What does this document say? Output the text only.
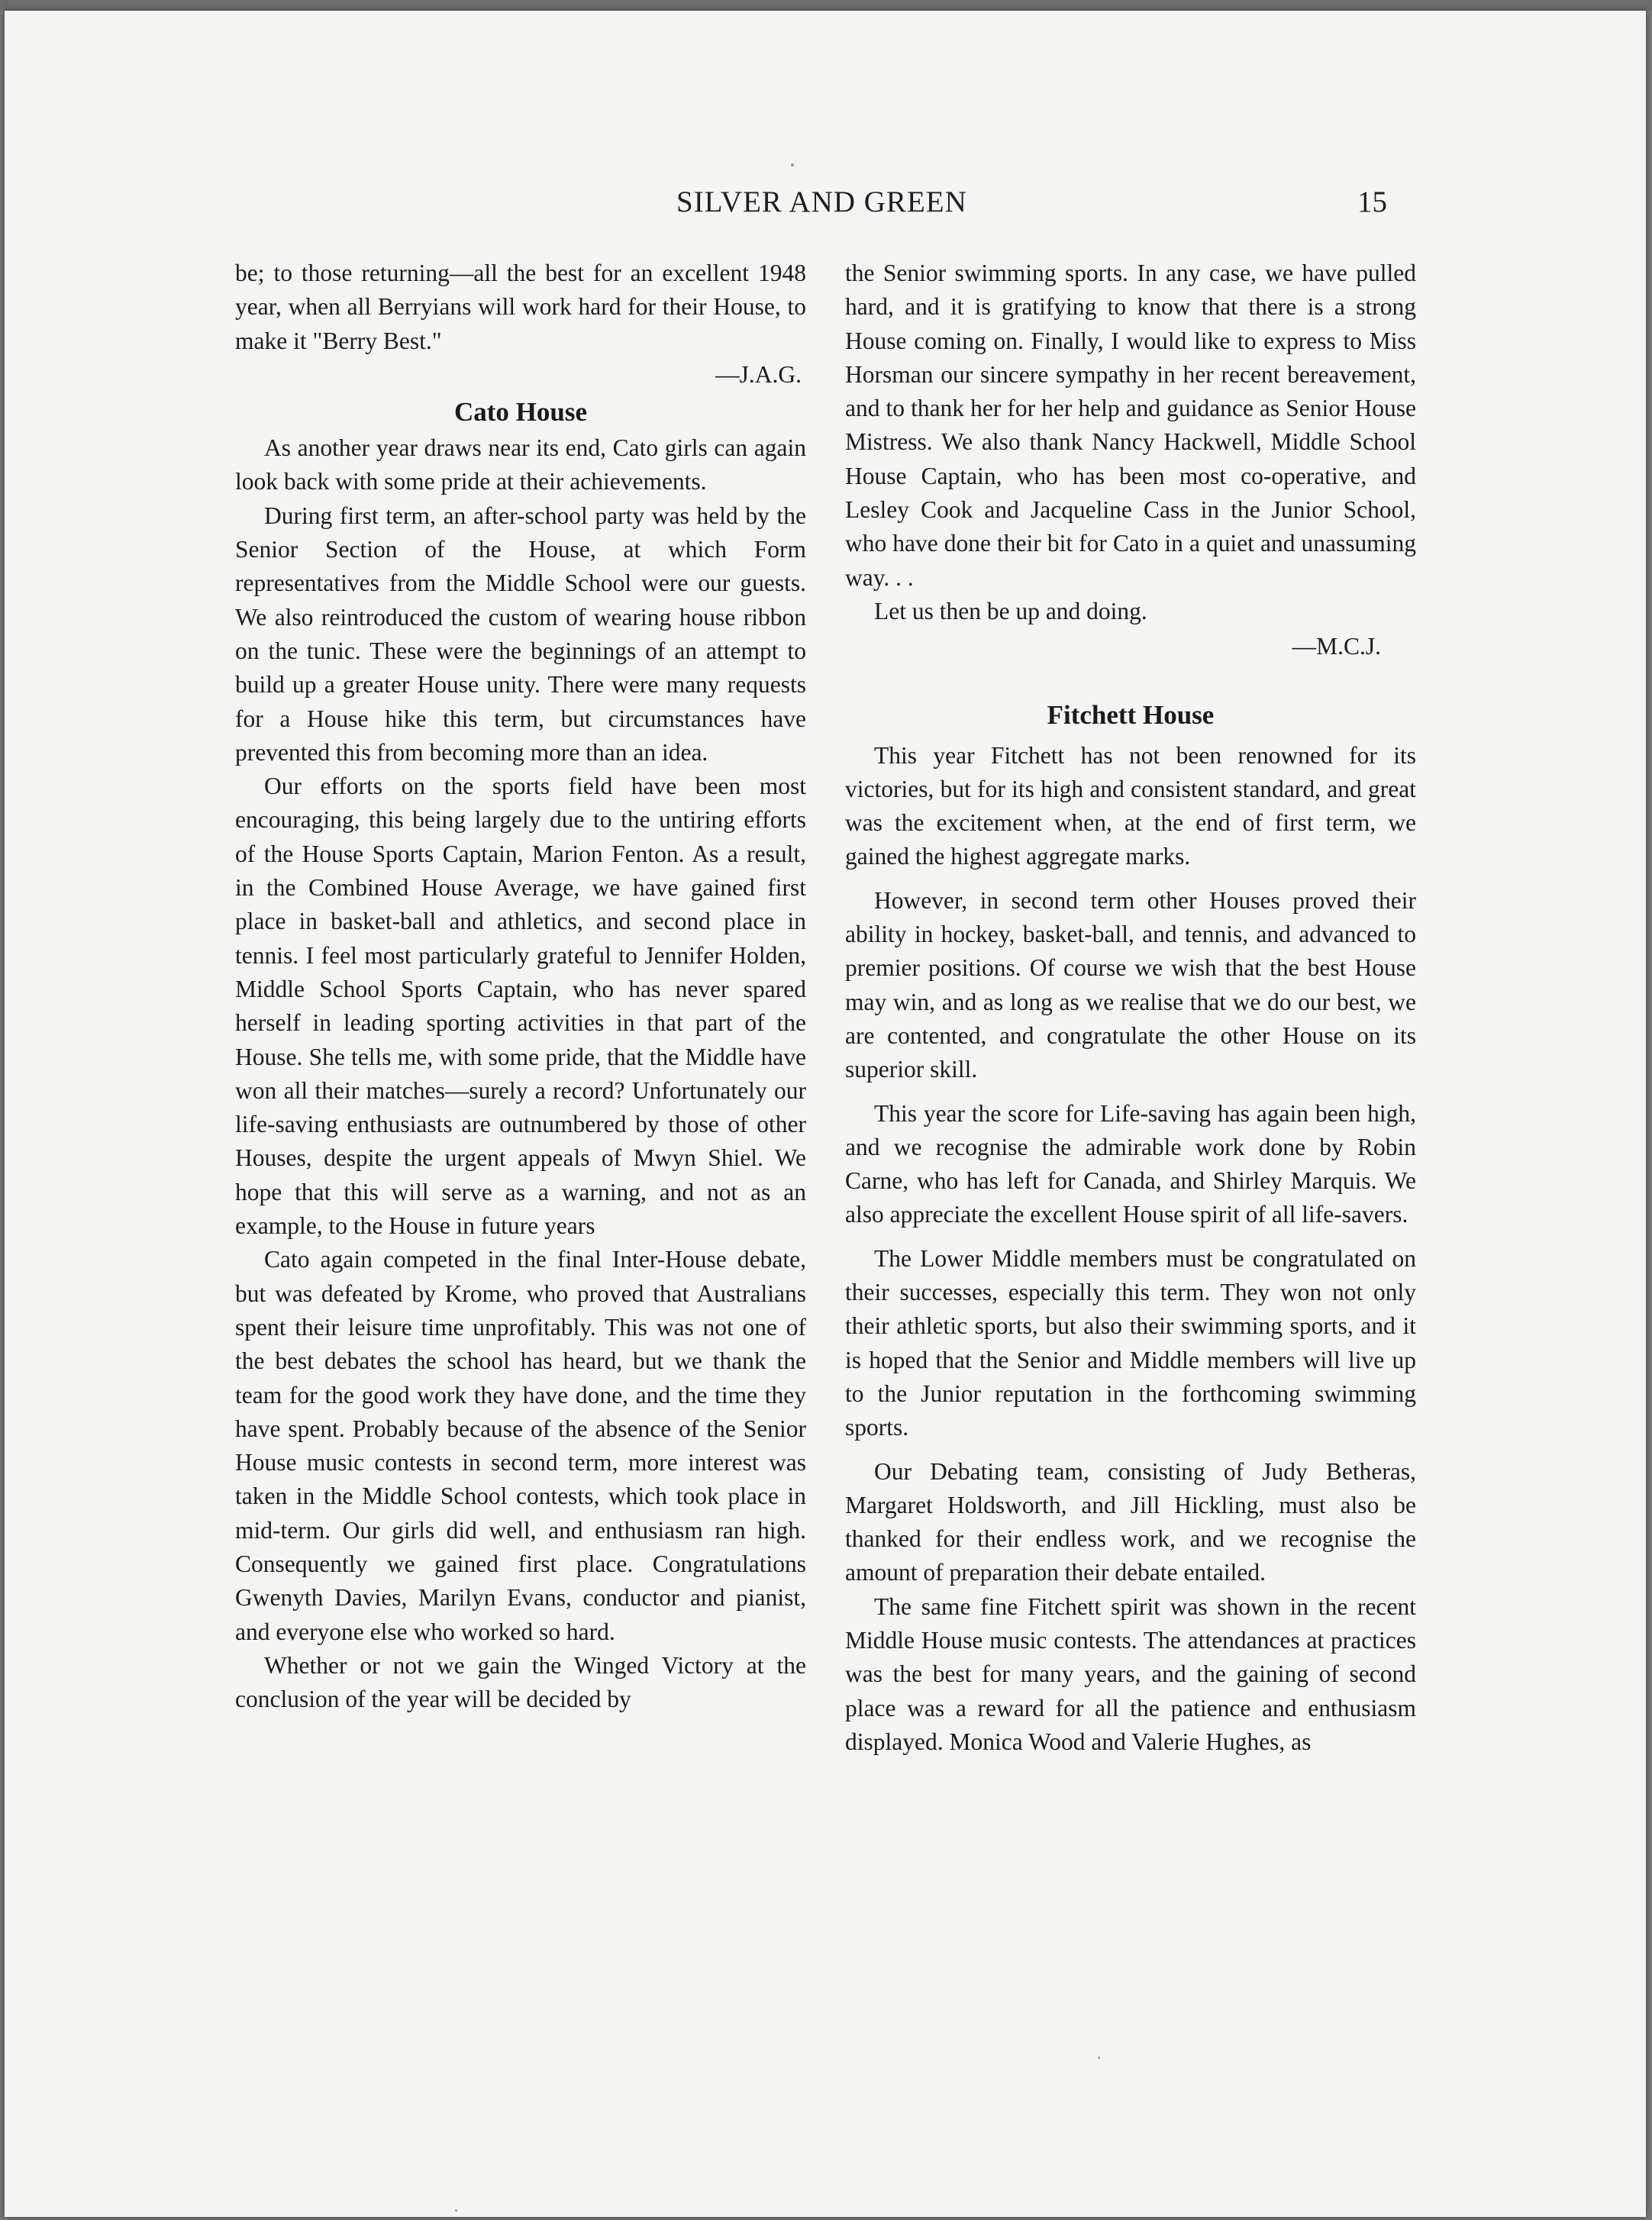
SILVER AND GREEN	15

be; to those returning—all the best for an excellent 1948 year, when all Berryians will work hard for their House, to make it "Berry Best."

—J.A.G.
Cato House

As another year draws near its end, Cato girls can again look back with some pride at their achievements.

During first term, an after-school party was held by the Senior Section of the House, at which Form representatives from the Middle School were our guests. We also reintroduced the custom of wearing house ribbon on the tunic. These were the beginnings of an attempt to build up a greater House unity. There were many requests for a House hike this term, but circumstances have prevented this from becoming more than an idea.

Our efforts on the sports field have been most encouraging, this being largely due to the untiring efforts of the House Sports Captain, Marion Fenton. As a result, in the Combined House Average, we have gained first place in basket-ball and athletics, and second place in tennis. I feel most particularly grateful to Jennifer Holden, Middle School Sports Captain, who has never spared herself in leading sporting activities in that part of the House. She tells me, with some pride, that the Middle have won all their matches—surely a record? Unfortunately our life-saving enthusiasts are outnumbered by those of other Houses, despite the urgent appeals of Mwyn Shiel. We hope that this will serve as a warning, and not as an example, to the House in future years

Cato again competed in the final Inter-House debate, but was defeated by Krome, who proved that Australians spent their leisure time unprofitably. This was not one of the best debates the school has heard, but we thank the team for the good work they have done, and the time they have spent. Probably because of the absence of the Senior House music contests in second term, more interest was taken in the Middle School contests, which took place in mid-term. Our girls did well, and enthusiasm ran high. Consequently we gained first place. Congratulations Gwenyth Davies, Marilyn Evans, conductor and pianist, and everyone else who worked so hard.

Whether or not we gain the Winged Victory at the conclusion of the year will be decided by

the Senior swimming sports. In any case, we have pulled hard, and it is gratifying to know that there is a strong House coming on. Finally, I would like to express to Miss Horsman our sincere sympathy in her recent bereavement, and to thank her for her help and guidance as Senior House Mistress. We also thank Nancy Hackwell, Middle School House Captain, who has been most co-operative, and Lesley Cook and Jacqueline Cass in the Junior School, who have done their bit for Cato in a quiet and unassuming way. . .

Let us then be up and doing.

—M.C.J.
Fitchett House

This year Fitchett has not been renowned for its victories, but for its high and consistent standard, and great was the excitement when, at the end of first term, we gained the highest aggregate marks.

However, in second term other Houses proved their ability in hockey, basket-ball, and tennis, and advanced to premier positions. Of course we wish that the best House may win, and as long as we realise that we do our best, we are contented, and congratulate the other House on its superior skill.

This year the score for Life-saving has again been high, and we recognise the admirable work done by Robin Carne, who has left for Canada, and Shirley Marquis. We also appreciate the excellent House spirit of all life-savers.

The Lower Middle members must be congratulated on their successes, especially this term. They won not only their athletic sports, but also their swimming sports, and it is hoped that the Senior and Middle members will live up to the Junior reputation in the forthcoming swimming sports.

Our Debating team, consisting of Judy Betheras, Margaret Holdsworth, and Jill Hickling, must also be thanked for their endless work, and we recognise the amount of preparation their debate entailed.

The same fine Fitchett spirit was shown in the recent Middle House music contests. The attendances at practices was the best for many years, and the gaining of second place was a reward for all the patience and enthusiasm displayed. Monica Wood and Valerie Hughes, as
